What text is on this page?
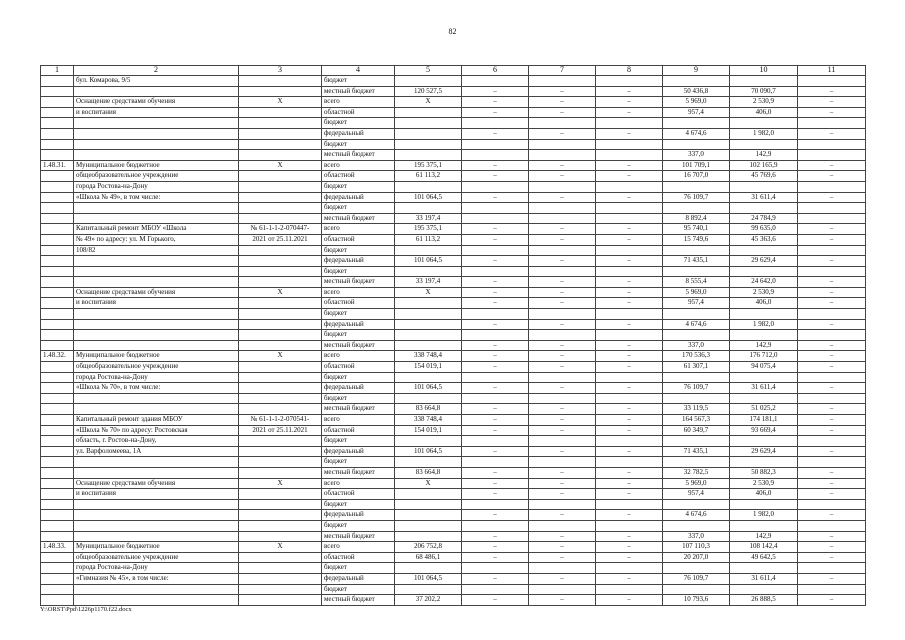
82
1	2	3	4	5	6	7	8	9	10	11
	бул. Комарова, 9/5		бюджет							
			местный бюджет	120 527,5	–	–	–	50 436,8	70 090,7	–
	Оснащение средствами обучения	X	всего	X	–	–	–	5 969,0	2 530,9	–
	и воспитания		областной		–	–	–	957,4	406,0	–
			бюджет							
			федеральный		–	–	–	4 674,6	1 982,0	–
			бюджет							
			местный бюджет					337,0	142,9	
1.48.31.	Муниципальное бюджетное	X	всего	195 375,1	–	–	–	101 709,1	102 165,9	–
	общеобразовательное учреждение		областной	61 113,2	–	–	–	16 707,0	45 769,6	–
	города Ростова-на-Дону		бюджет							
	«Школа № 49», в том числе:		федеральный	101 064,5	–	–	–	76 109,7	31 611,4	–
			бюджет							
			местный бюджет	33 197,4				8 892,4	24 784,9	
	Капитальный ремонт МБОУ «Школа	№ 61-1-1-2-070447-	всего	195 375,1	–	–	–	95 740,1	99 635,0	–
	№ 49» по адресу: ул. М Горького,	2021 от 25.11.2021	областной	61 113,2	–	–	–	15 749,6	45 363,6	–
	108/82		бюджет							
			федеральный	101 064,5	–	–	–	71 435,1	29 629,4	–
			бюджет							
			местный бюджет	33 197,4	–	–	–	8 555,4	24 642,0	–
	Оснащение средствами обучения	X	всего	X	–	–	–	5 969,0	2 530,9	–
	и воспитания		областной		–	–	–	957,4	406,0	–
			бюджет							
			федеральный		–	–	–	4 674,6	1 982,0	–
			бюджет							
			местный бюджет		–	–	–	337,0	142,9	–
1.48.32.	Муниципальное бюджетное	X	всего	338 748,4	–	–	–	170 536,3	176 712,0	–
	общеобразовательное учреждение		областной	154 019,1	–	–	–	61 307,1	94 075,4	–
	города Ростова-на-Дону		бюджет							
	«Школа № 70», в том числе:		федеральный	101 064,5	–	–	–	76 109,7	31 611,4	–
			бюджет							
			местный бюджет	83 664,8	–	–	–	33 119,5	51 025,2	–
	Капитальный ремонт здания МБОУ	№ 61-1-1-2-070541-	всего	338 748,4	–	–	–	164 567,3	174 181,1	–
	«Школа № 70» по адресу: Ростовская	2021 от 25.11.2021	областной	154 019,1	–	–	–	60 349,7	93 669,4	–
	область, г. Ростов-на-Дону,		бюджет							
	ул. Варфоломеева, 1А		федеральный	101 064,5	–	–	–	71 435,1	29 629,4	–
			бюджет							
			местный бюджет	83 664,8	–	–	–	32 782,5	50 882,3	–
	Оснащение средствами обучения	X	всего	X	–	–	–	5 969,0	2 530,9	–
	и воспитания		областной		–	–	–	957,4	406,0	–
			бюджет							
			федеральный		–	–	–	4 674,6	1 982,0	–
			бюджет							
			местный бюджет		–	–	–	337,0	142,9	–
1.48.33.	Муниципальное бюджетное	X	всего	206 752,8	–	–	–	107 110,3	108 142,4	–
	общеобразовательное учреждение		областной	68 486,1	–	–	–	20 207,0	49 642,5	–
	города Ростова-на-Дону		бюджет							
	«Гимназия № 45», в том числе:		федеральный	101 064,5	–	–	–	76 109,7	31 611,4	–
			бюджет							
			местный бюджет	37 202,2	–	–	–	10 793,6	26 888,5	–
Y:\ORST\Ppd\1226p1170.f22.docx
